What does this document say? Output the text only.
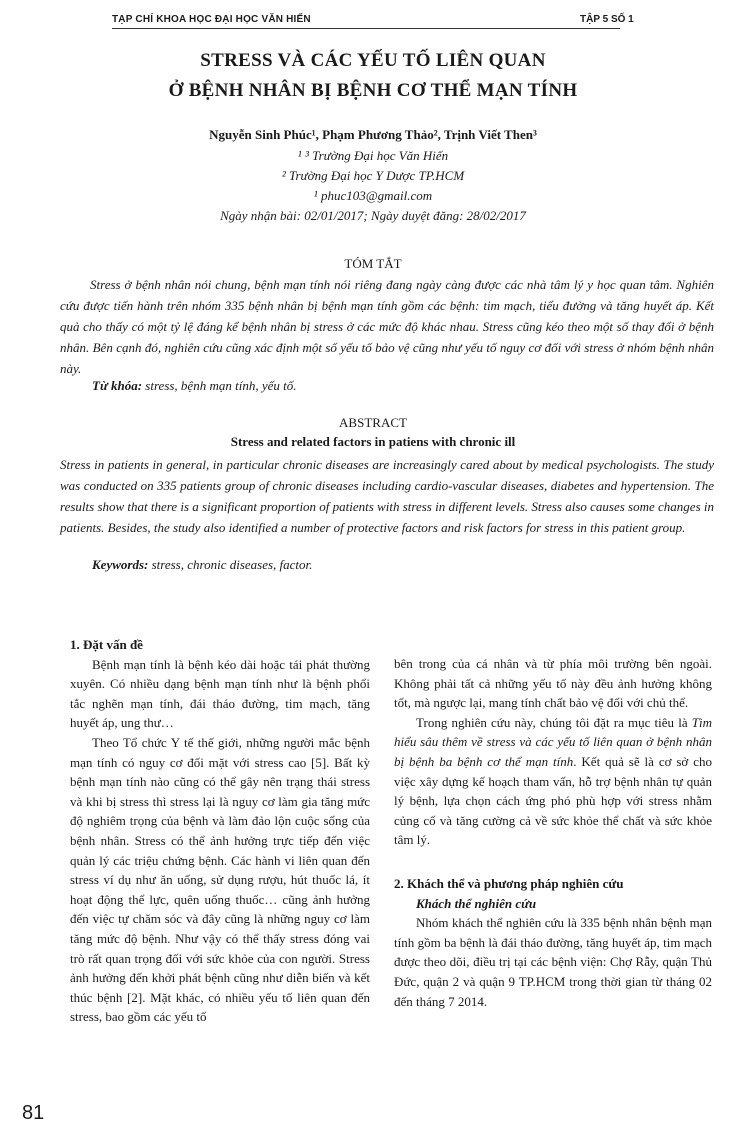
TẠP CHÍ KHOA HỌC ĐẠI HỌC VĂN HIẾN	TẬP 5 SỐ 1
STRESS VÀ CÁC YẾU TỐ LIÊN QUAN
Ở BỆNH NHÂN BỊ BỆNH CƠ THỂ MẠN TÍNH
Nguyễn Sinh Phúc¹, Phạm Phương Thảo², Trịnh Viết Then³
¹ ³ Trường Đại học Văn Hiến
² Trường Đại học Y Dược TP.HCM
¹ phuc103@gmail.com
Ngày nhận bài: 02/01/2017; Ngày duyệt đăng: 28/02/2017
TÓM TẮT
Stress ở bệnh nhân nói chung, bệnh mạn tính nói riêng đang ngày càng được các nhà tâm lý y học quan tâm. Nghiên cứu được tiến hành trên nhóm 335 bệnh nhân bị bệnh mạn tính gồm các bệnh: tim mạch, tiểu đường và tăng huyết áp. Kết quả cho thấy có một tỷ lệ đáng kể bệnh nhân bị stress ở các mức độ khác nhau. Stress cũng kéo theo một số thay đổi ở bệnh nhân. Bên cạnh đó, nghiên cứu cũng xác định một số yếu tố bảo vệ cũng như yếu tố nguy cơ đối với stress ở nhóm bệnh nhân này.
Từ khóa: stress, bệnh mạn tính, yếu tố.
ABSTRACT
Stress and related factors in patiens with chronic ill
Stress in patients in general, in particular chronic diseases are increasingly cared about by medical psychologists. The study was conducted on 335 patients group of chronic diseases including cardio-vascular diseases, diabetes and hypertension. The results show that there is a significant proportion of patients with stress in different levels. Stress also causes some changes in patients. Besides, the study also identified a number of protective factors and risk factors for stress in this patient group.
Keywords: stress, chronic diseases, factor.
1. Đặt vấn đề

Bệnh mạn tính là bệnh kéo dài hoặc tái phát thường xuyên. Có nhiều dạng bệnh mạn tính như là bệnh phổi tắc nghẽn mạn tính, đái tháo đường, tim mạch, tăng huyết áp, ung thư…

Theo Tổ chức Y tế thế giới, những người mắc bệnh mạn tính có nguy cơ đối mặt với stress cao [5]. Bất kỳ bệnh mạn tính nào cũng có thể gây nên trạng thái stress và khi bị stress thì stress lại là nguy cơ làm gia tăng mức độ nghiêm trọng của bệnh và làm đảo lộn cuộc sống của bệnh nhân. Stress có thể ảnh hưởng trực tiếp đến việc quản lý các triệu chứng bệnh. Các hành vi liên quan đến stress ví dụ như ăn uống, sử dụng rượu, hút thuốc lá, ít hoạt động thể lực, quên uống thuốc… cũng ảnh hưởng đến việc tự chăm sóc và đây cũng là những nguy cơ làm tăng mức độ bệnh. Như vậy có thể thấy stress đóng vai trò rất quan trọng đối với sức khỏe của con người. Stress ảnh hưởng đến khởi phát bệnh cũng như diễn biến và kết thúc bệnh [2]. Mặt khác, có nhiều yếu tố liên quan đến stress, bao gồm các yếu tố

bên trong của cá nhân và từ phía môi trường bên ngoài. Không phải tất cả những yếu tố này đều ảnh hưởng không tốt, mà ngược lại, mang tính chất bảo vệ đối với chủ thể.

Trong nghiên cứu này, chúng tôi đặt ra mục tiêu là Tìm hiểu sâu thêm về stress và các yếu tố liên quan ở bệnh nhân bị bệnh ba bệnh cơ thể mạn tính. Kết quả sẽ là cơ sở cho việc xây dựng kế hoạch tham vấn, hỗ trợ bệnh nhân tự quản lý bệnh, lựa chọn cách ứng phó phù hợp với stress nhằm củng cố và tăng cường cả về sức khỏe thể chất và sức khỏe tâm lý.

2. Khách thể và phương pháp nghiên cứu
Khách thể nghiên cứu

Nhóm khách thể nghiên cứu là 335 bệnh nhân bệnh mạn tính gồm ba bệnh là đái tháo đường, tăng huyết áp, tim mạch được theo dõi, điều trị tại các bệnh viện: Chợ Rẫy, quận Thủ Đức, quận 2 và quận 9 TP.HCM trong thời gian từ tháng 02 đến tháng 7 2014.

81
